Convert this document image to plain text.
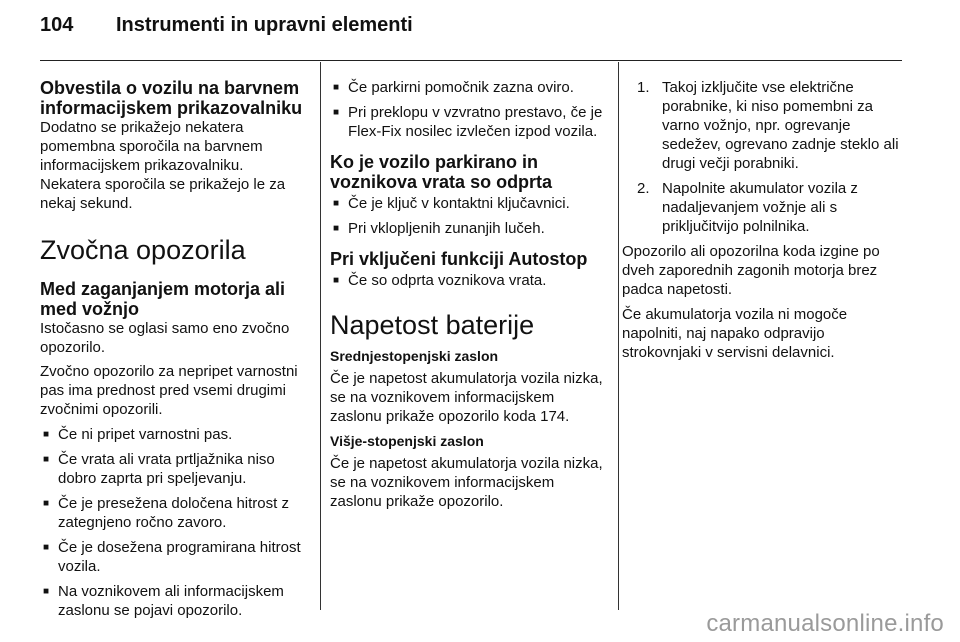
104 Instrumenti in upravni elementi
Obvestila o vozilu na barvnem informacijskem prikazovalniku

Dodatno se prikažejo nekatera pomembna sporočila na barvnem informacijskem prikazovalniku. Nekatera sporočila se prikažejo le za nekaj sekund.

Zvočna opozorila
Med zaganjanjem motorja ali med vožnjo

Istočasno se oglasi samo eno zvočno opozorilo.

Zvočno opozorilo za nepripet varnostni pas ima prednost pred vsemi drugimi zvočnimi opozorili.

■ Če ni pripet varnostni pas.
■ Če vrata ali vrata prtljažnika niso dobro zaprta pri speljevanju.
■ Če je presežena določena hitrost z zategnjeno ročno zavoro.
■ Če je dosežena programirana hitrost vozila.
■ Na voznikovem ali informacijskem zaslonu se pojavi opozorilo.
■ Če parkirni pomočnik zazna oviro.
■ Pri preklopu v vzvratno prestavo, če je Flex-Fix nosilec izvlečen izpod vozila.
Ko je vozilo parkirano in voznikova vrata so odprta
■ Če je ključ v kontaktni ključavnici.
■ Pri vklopljenih zunanjih lučeh.
Pri vključeni funkciji Autostop
■ Če so odprta voznikova vrata.
Napetost baterije
Srednjestopenjski zaslon

Če je napetost akumulatorja vozila nizka, se na voznikovem informacijskem zaslonu prikaže opozorilo koda 174.

Višje-stopenjski zaslon

Če je napetost akumulatorja vozila nizka, se na voznikovem informacijskem zaslonu prikaže opozorilo.

1. Takoj izključite vse električne porabnike, ki niso pomembni za varno vožnjo, npr. ogrevanje sedežev, ogrevano zadnje steklo ali drugi večji porabniki.
2. Napolnite akumulator vozila z nadaljevanjem vožnje ali s priključitvijo polnilnika.

Opozorilo ali opozorilna koda izgine po dveh zaporednih zagonih motorja brez padca napetosti.

Če akumulatorja vozila ni mogoče napolniti, naj napako odpravijo strokovnjaki v servisni delavnici.

carmanualsonline.info
